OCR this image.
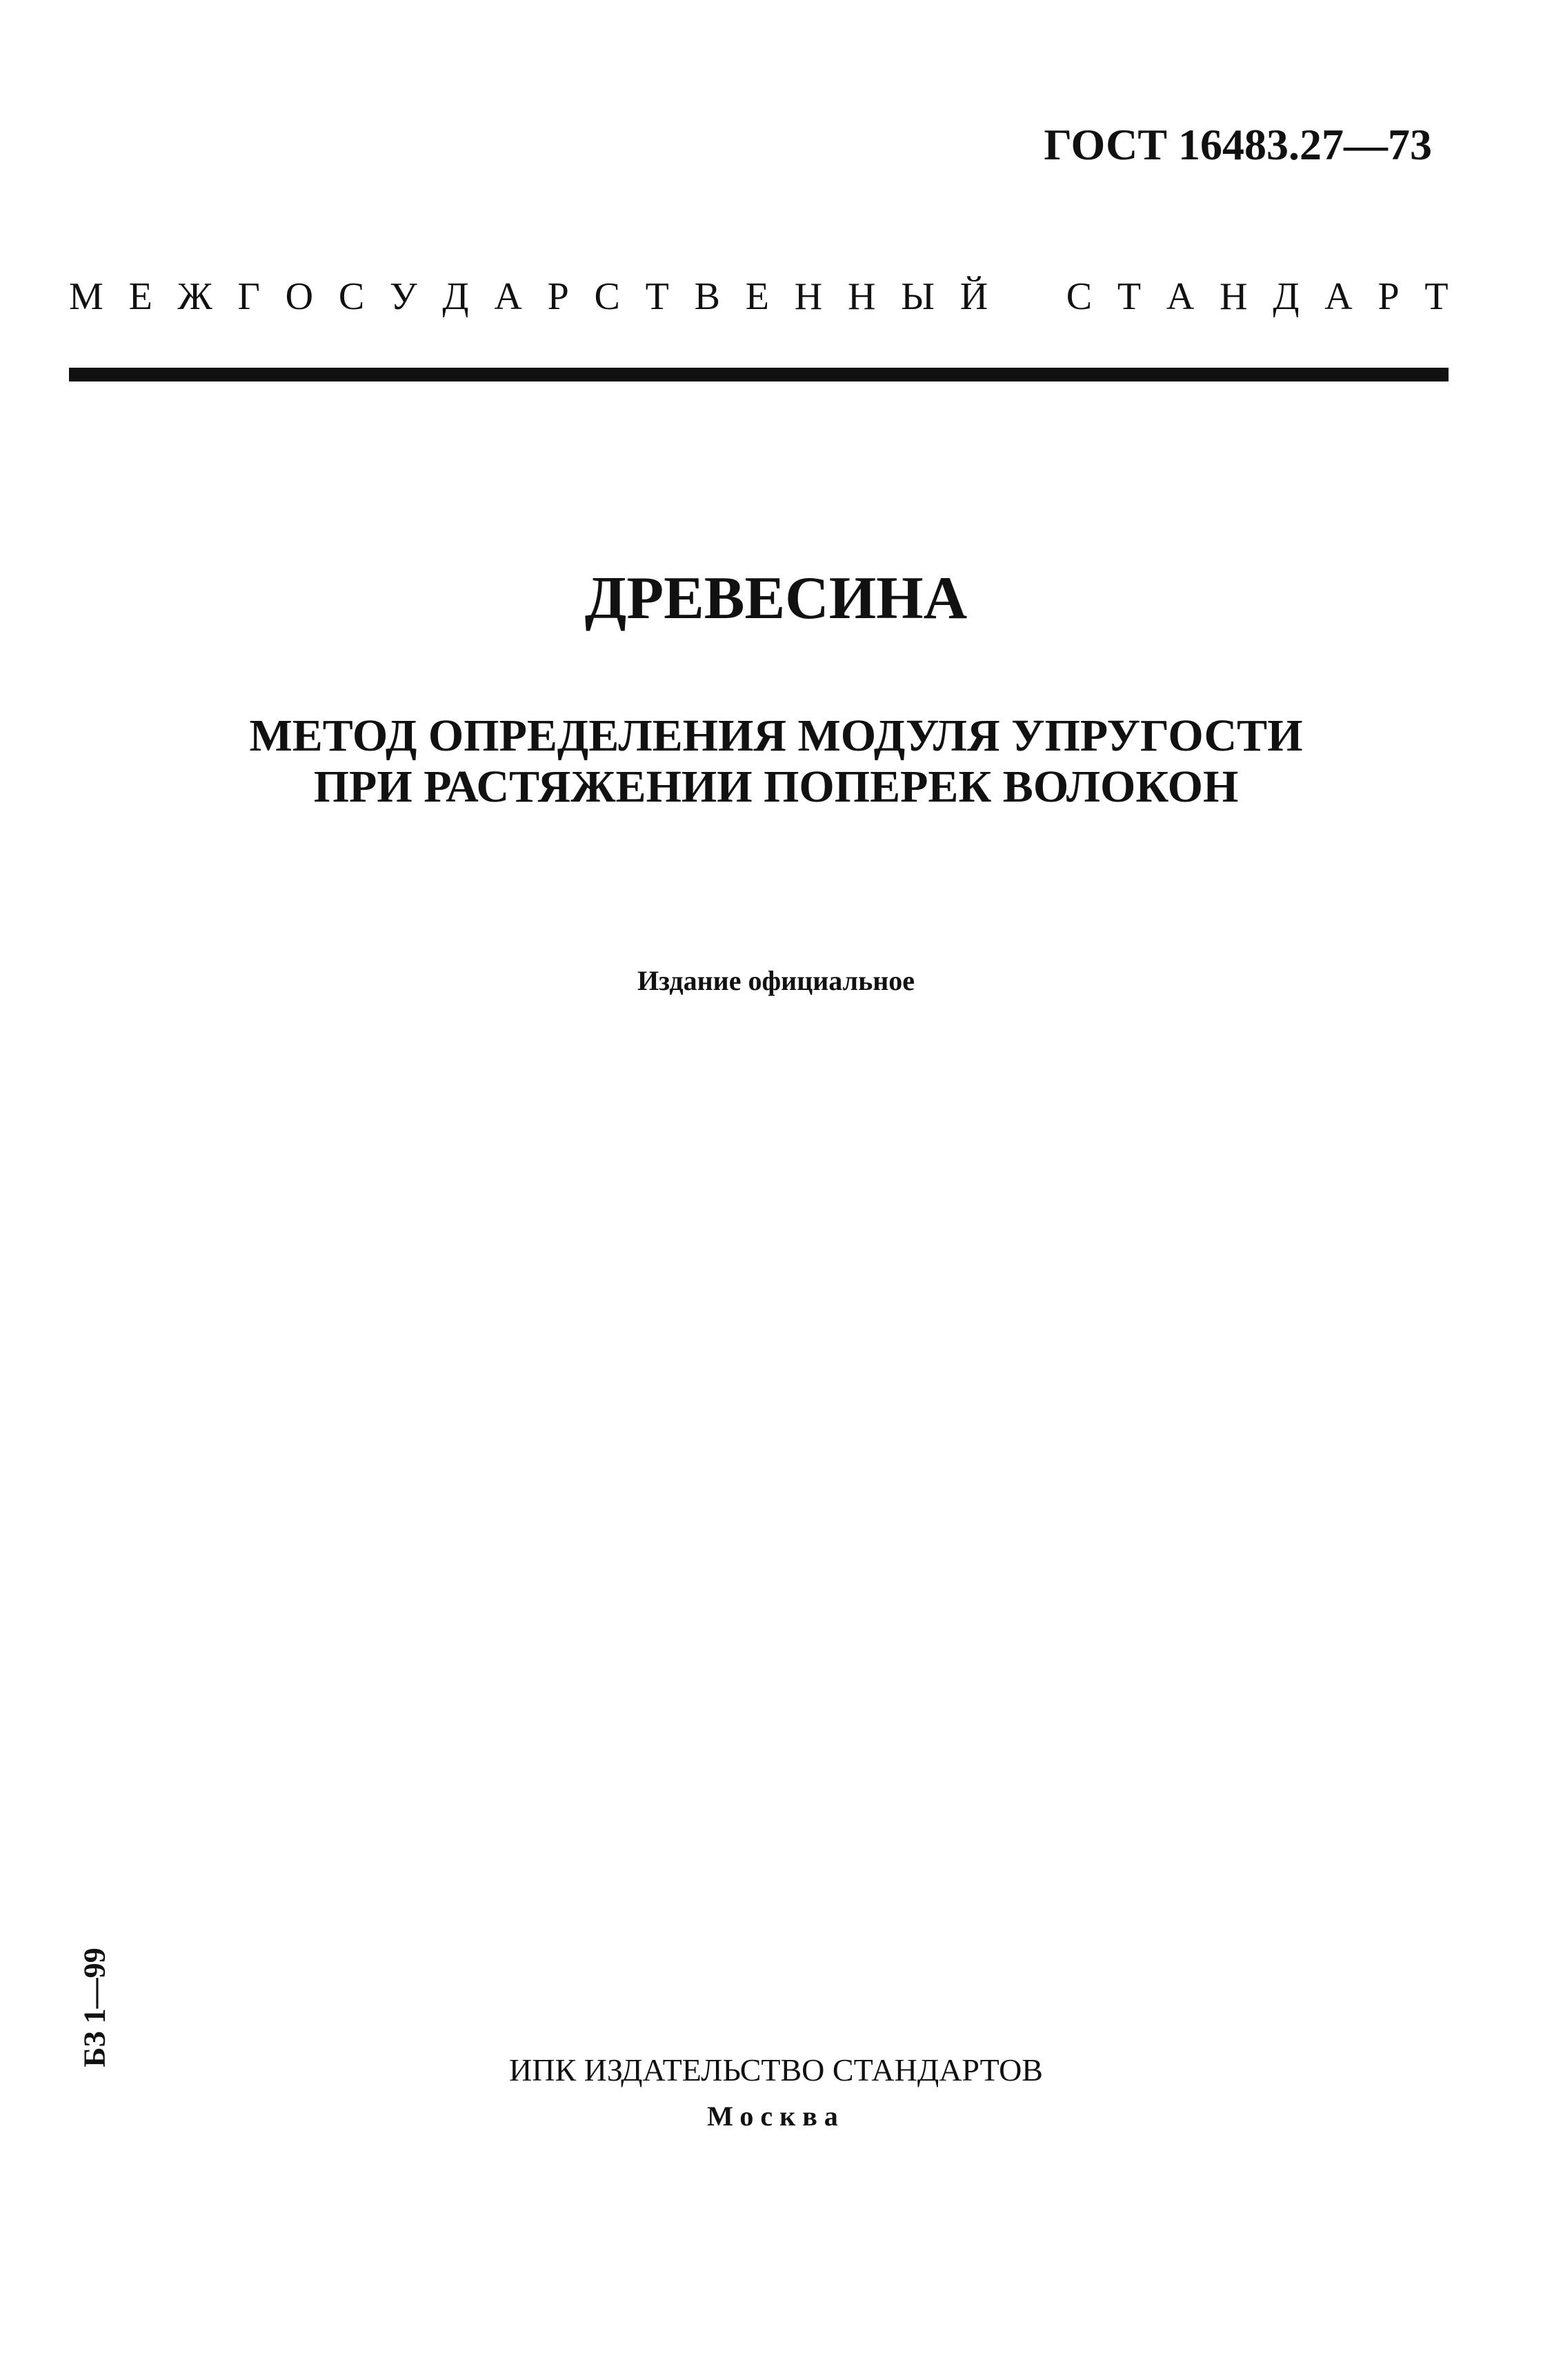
ГОСТ 16483.27—73
М Е Ж Г О С У Д А Р С Т В Е Н Н Ы Й С Т А Н Д А Р Т
ДРЕВЕСИНА
МЕТОД ОПРЕДЕЛЕНИЯ МОДУЛЯ УПРУГОСТИ
ПРИ РАСТЯЖЕНИИ ПОПЕРЕК ВОЛОКОН
Издание официальное
БЗ 1—99
ИПК ИЗДАТЕЛЬСТВО СТАНДАРТОВ
Москва
